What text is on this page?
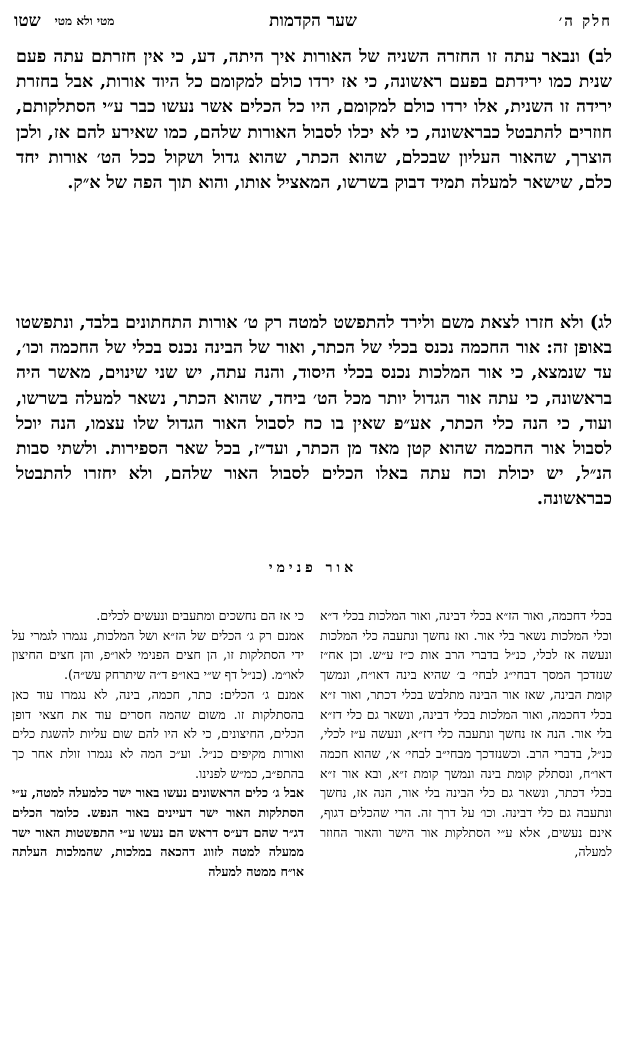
חלק ה׳
שער הקדמות
מטי ולא מטי
שטו
לב) ונבאר עתה זו החזרה השניה של האורות איך היתה, דע, כי אין חזרתם עתה פעם שנית כמו ירידתם בפעם ראשונה, כי אז ירדו כולם למקומם כל היוד אורות, אבל בחזרת ירידה זו השנית, אלו ירדו כולם למקומם, היו כל הכלים אשר נעשו כבר ע״י הסתלקותם, חוזרים להתבטל כבראשונה, כי לא יכלו לסבול האורות שלהם, כמו שאירע להם אז, ולכן הוצרך, שהאור העליון שבכלם, שהוא הכתר, שהוא גדול ושקול ככל הט׳ אורות יחד כלם, שישאר למעלה תמיד דבוק בשרשו, המאציל אותו, והוא תוך הפה של א״ק.
לג) ולא חזרו לצאת משם ולירד להתפשט למטה רק ט׳ אורות התחתונים בלבד, ונתפשטו באופן זה: אור החכמה נכנס בכלי של הכתר, ואור של הבינה נכנס בכלי של החכמה וכו׳, עד שנמצא, כי אור המלכות נכנס בכלי היסוד, והנה עתה, יש שני שינוים, מאשר היה בראשונה, כי עתה אור הגדול יותר מכל הט׳ ביחד, שהוא הכתר, נשאר למעלה בשרשו, ועוד, כי הנה כלי הכתר, אע״פ שאין בו כח לסבול האור הגדול שלו עצמו, הנה יוכל לסבול אור החכמה שהוא קטן מאד מן הכתר, ועד״ז, בכל שאר הספירות. ולשתי סבות הנ״ל, יש יכולת וכח עתה באלו הכלים לסבול האור שלהם, ולא יחזרו להתבטל כבראשונה.
אור פנימי

בכלי דחכמה, ואור הז״א בכלי דבינה, ואור המלכות בכלי ד״א וכלי המלכות נשאר בלי אור. ואז נחשך ונתעבה כלי המלכות ונעשה אז לכלי, כנ״ל בדברי הרב אות כ״ז ע״ש. וכן אח״ז שנזדכך המסך דבחי״ג לבחי׳ ב׳ שהיא בינה דאו״ח, ונמשך קומת הבינה, שאז אור הבינה מתלבש בכלי דכתר, ואור ז״א בכלי דחכמה, ואור המלכות בכלי דבינה, ונשאר גם כלי דז״א בלי אור. הנה אז נחשך ונתעבה כלי דז״א, ונעשה ע״ז לכלי, כנ״ל, בדברי הרב. וכשנזדכך מבחי״ב לבחי׳ א׳, שהוא חכמה דאו״ח, ונסתלק קומת בינה ונמשך קומת ז״א, ובא אור ז״א בכלי דכתר, ונשאר גם כלי הבינה בלי אור, הנה אז, נחשך ונתעבה גם כלי דבינה. וכו׳ על דרך זה. הרי שהכלים דגוף, אינם נעשים, אלא ע״י הסתלקות אור הישר והאור החוזר למעלה,

כי אז הם נחשכים ומתעבים ונעשים לכלים.

אמנם רק ג׳ הכלים של הז״א ושל המלכות, נגמרו לגמרי על ידי הסתלקות זו, הן חצים הפנימי לאו״פ, והן חצים החיצון לאו״מ. (כנ״ל דף ש״י באו״פ ד״ה שיתרחק עש״ה).

אמנם ג׳ הכלים: כתר, חכמה, בינה, לא נגמרו עוד כאן בהסתלקות זו. משום שהמה חסרים עוד את חצאי דופן הכלים, החיצונים, כי לא היו להם שום עליות להשגת כלים ואורות מקיפים כנ״ל. וע״כ המה לא נגמרו זולת אחר כך בהתפ״ב, כמ״ש לפנינו.

אבל ג׳ כלים הראשונים נעשו באור ישר כלמעלה למטה, ע״י הסתלקות האור ישר דעיינים באור הנפש. כלומר הכלים דג״ר שהם דע״ס דראש הם נעשו ע״י התפשטות האור ישר ממעלה למטה לזווג דהכאה במלכות, שהמלכות העלתה או״ח ממטה למעלה
